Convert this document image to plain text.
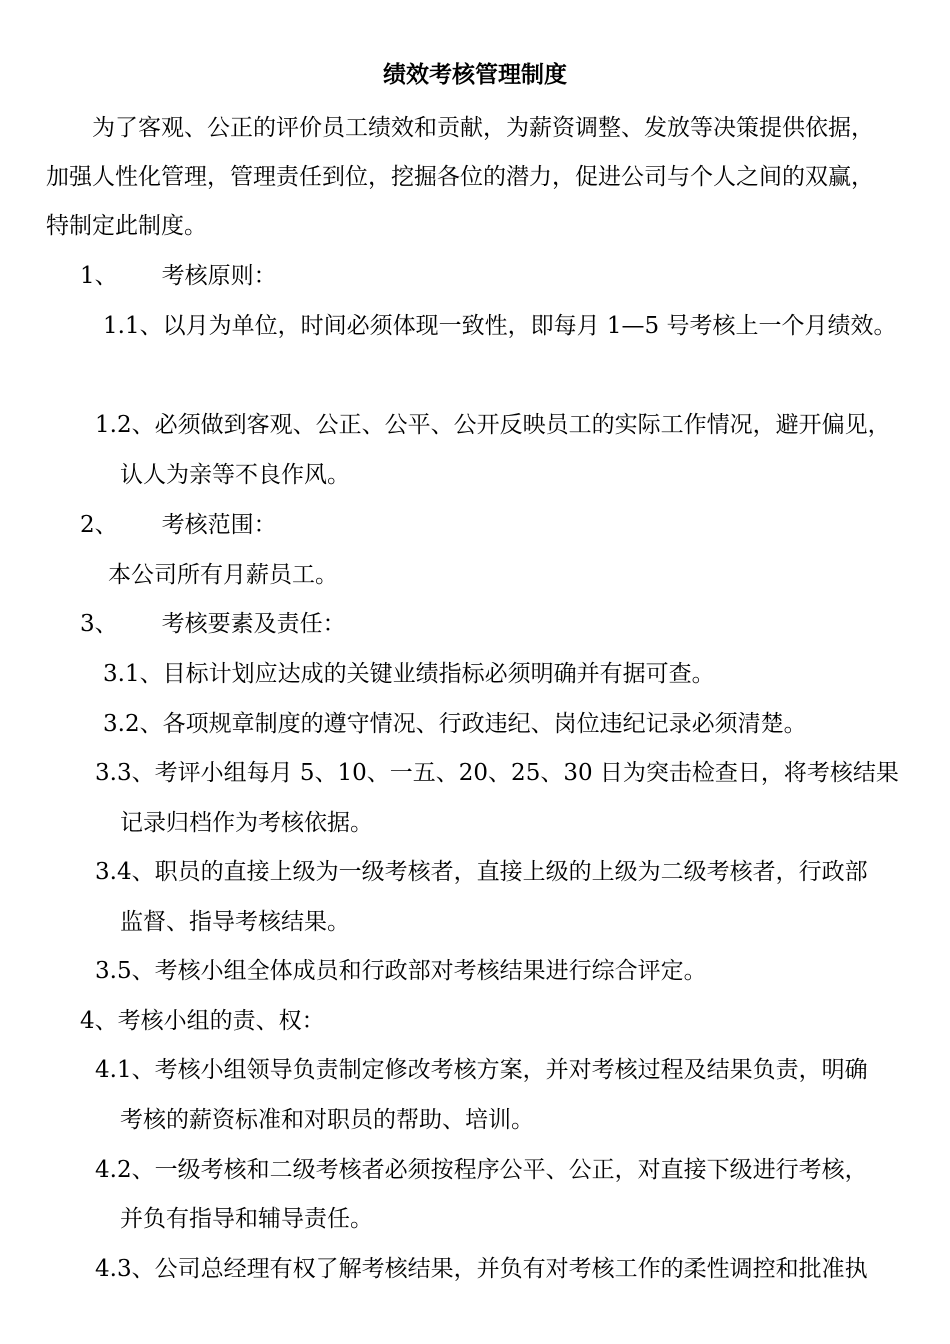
绩效考核管理制度
为了客观、公正的评价员工绩效和贡献，为薪资调整、发放等决策提供依据，
加强人性化管理，管理责任到位，挖掘各位的潜力，促进公司与个人之间的双赢，
特制定此制度。
1、 考核原则：
1.1、以月为单位，时间必须体现一致性，即每月 1—5 号考核上一个月绩效。
1.2、必须做到客观、公正、公平、公开反映员工的实际工作情况，避开偏见，
认人为亲等不良作风。
2、 考核范围：
本公司所有月薪员工。
3、 考核要素及责任：
3.1、目标计划应达成的关键业绩指标必须明确并有据可查。
3.2、各项规章制度的遵守情况、行政违纪、岗位违纪记录必须清楚。
3.3、考评小组每月 5、10、一五、20、25、30 日为突击检查日，将考核结果
记录归档作为考核依据。
3.4、职员的直接上级为一级考核者，直接上级的上级为二级考核者，行政部
监督、指导考核结果。
3.5、考核小组全体成员和行政部对考核结果进行综合评定。
4、考核小组的责、权：
4.1、考核小组领导负责制定修改考核方案，并对考核过程及结果负责，明确
考核的薪资标准和对职员的帮助、培训。
4.2、一级考核和二级考核者必须按程序公平、公正，对直接下级进行考核，
并负有指导和辅导责任。
4.3、公司总经理有权了解考核结果，并负有对考核工作的柔性调控和批准执
